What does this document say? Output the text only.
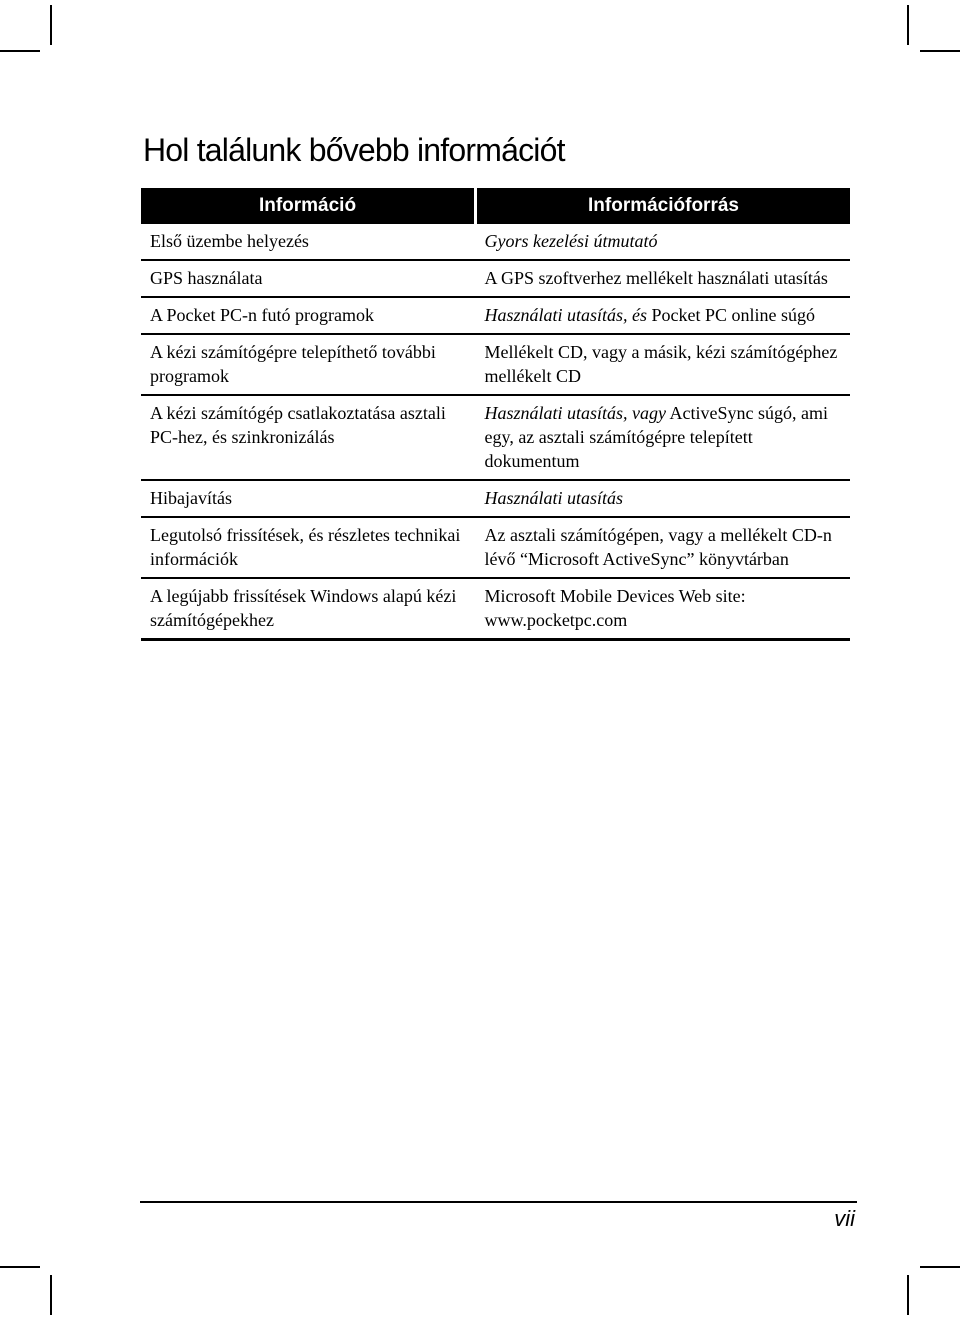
Hol találunk bővebb információt
Információ	Információforrás
Első üzembe helyezés	Gyors kezelési útmutató
GPS használata	A GPS szoftverhez mellékelt használati utasítás
A Pocket PC-n futó programok	Használati utasítás, és Pocket PC online súgó
A kézi számítógépre telepíthető további programok	Mellékelt CD, vagy a másik, kézi számítógéphez mellékelt CD
A kézi számítógép csatlakoztatása asztali PC-hez, és szinkronizálás	Használati utasítás, vagy ActiveSync súgó, ami egy, az asztali számítógépre telepített dokumentum
Hibajavítás	Használati utasítás
Legutolsó frissítések, és részletes technikai információk	Az asztali számítógépen, vagy a mellékelt CD-n lévő “Microsoft ActiveSync” könyvtárban
A legújabb frissítések Windows alapú kézi számítógépekhez	Microsoft Mobile Devices Web site: www.pocketpc.com
vii
